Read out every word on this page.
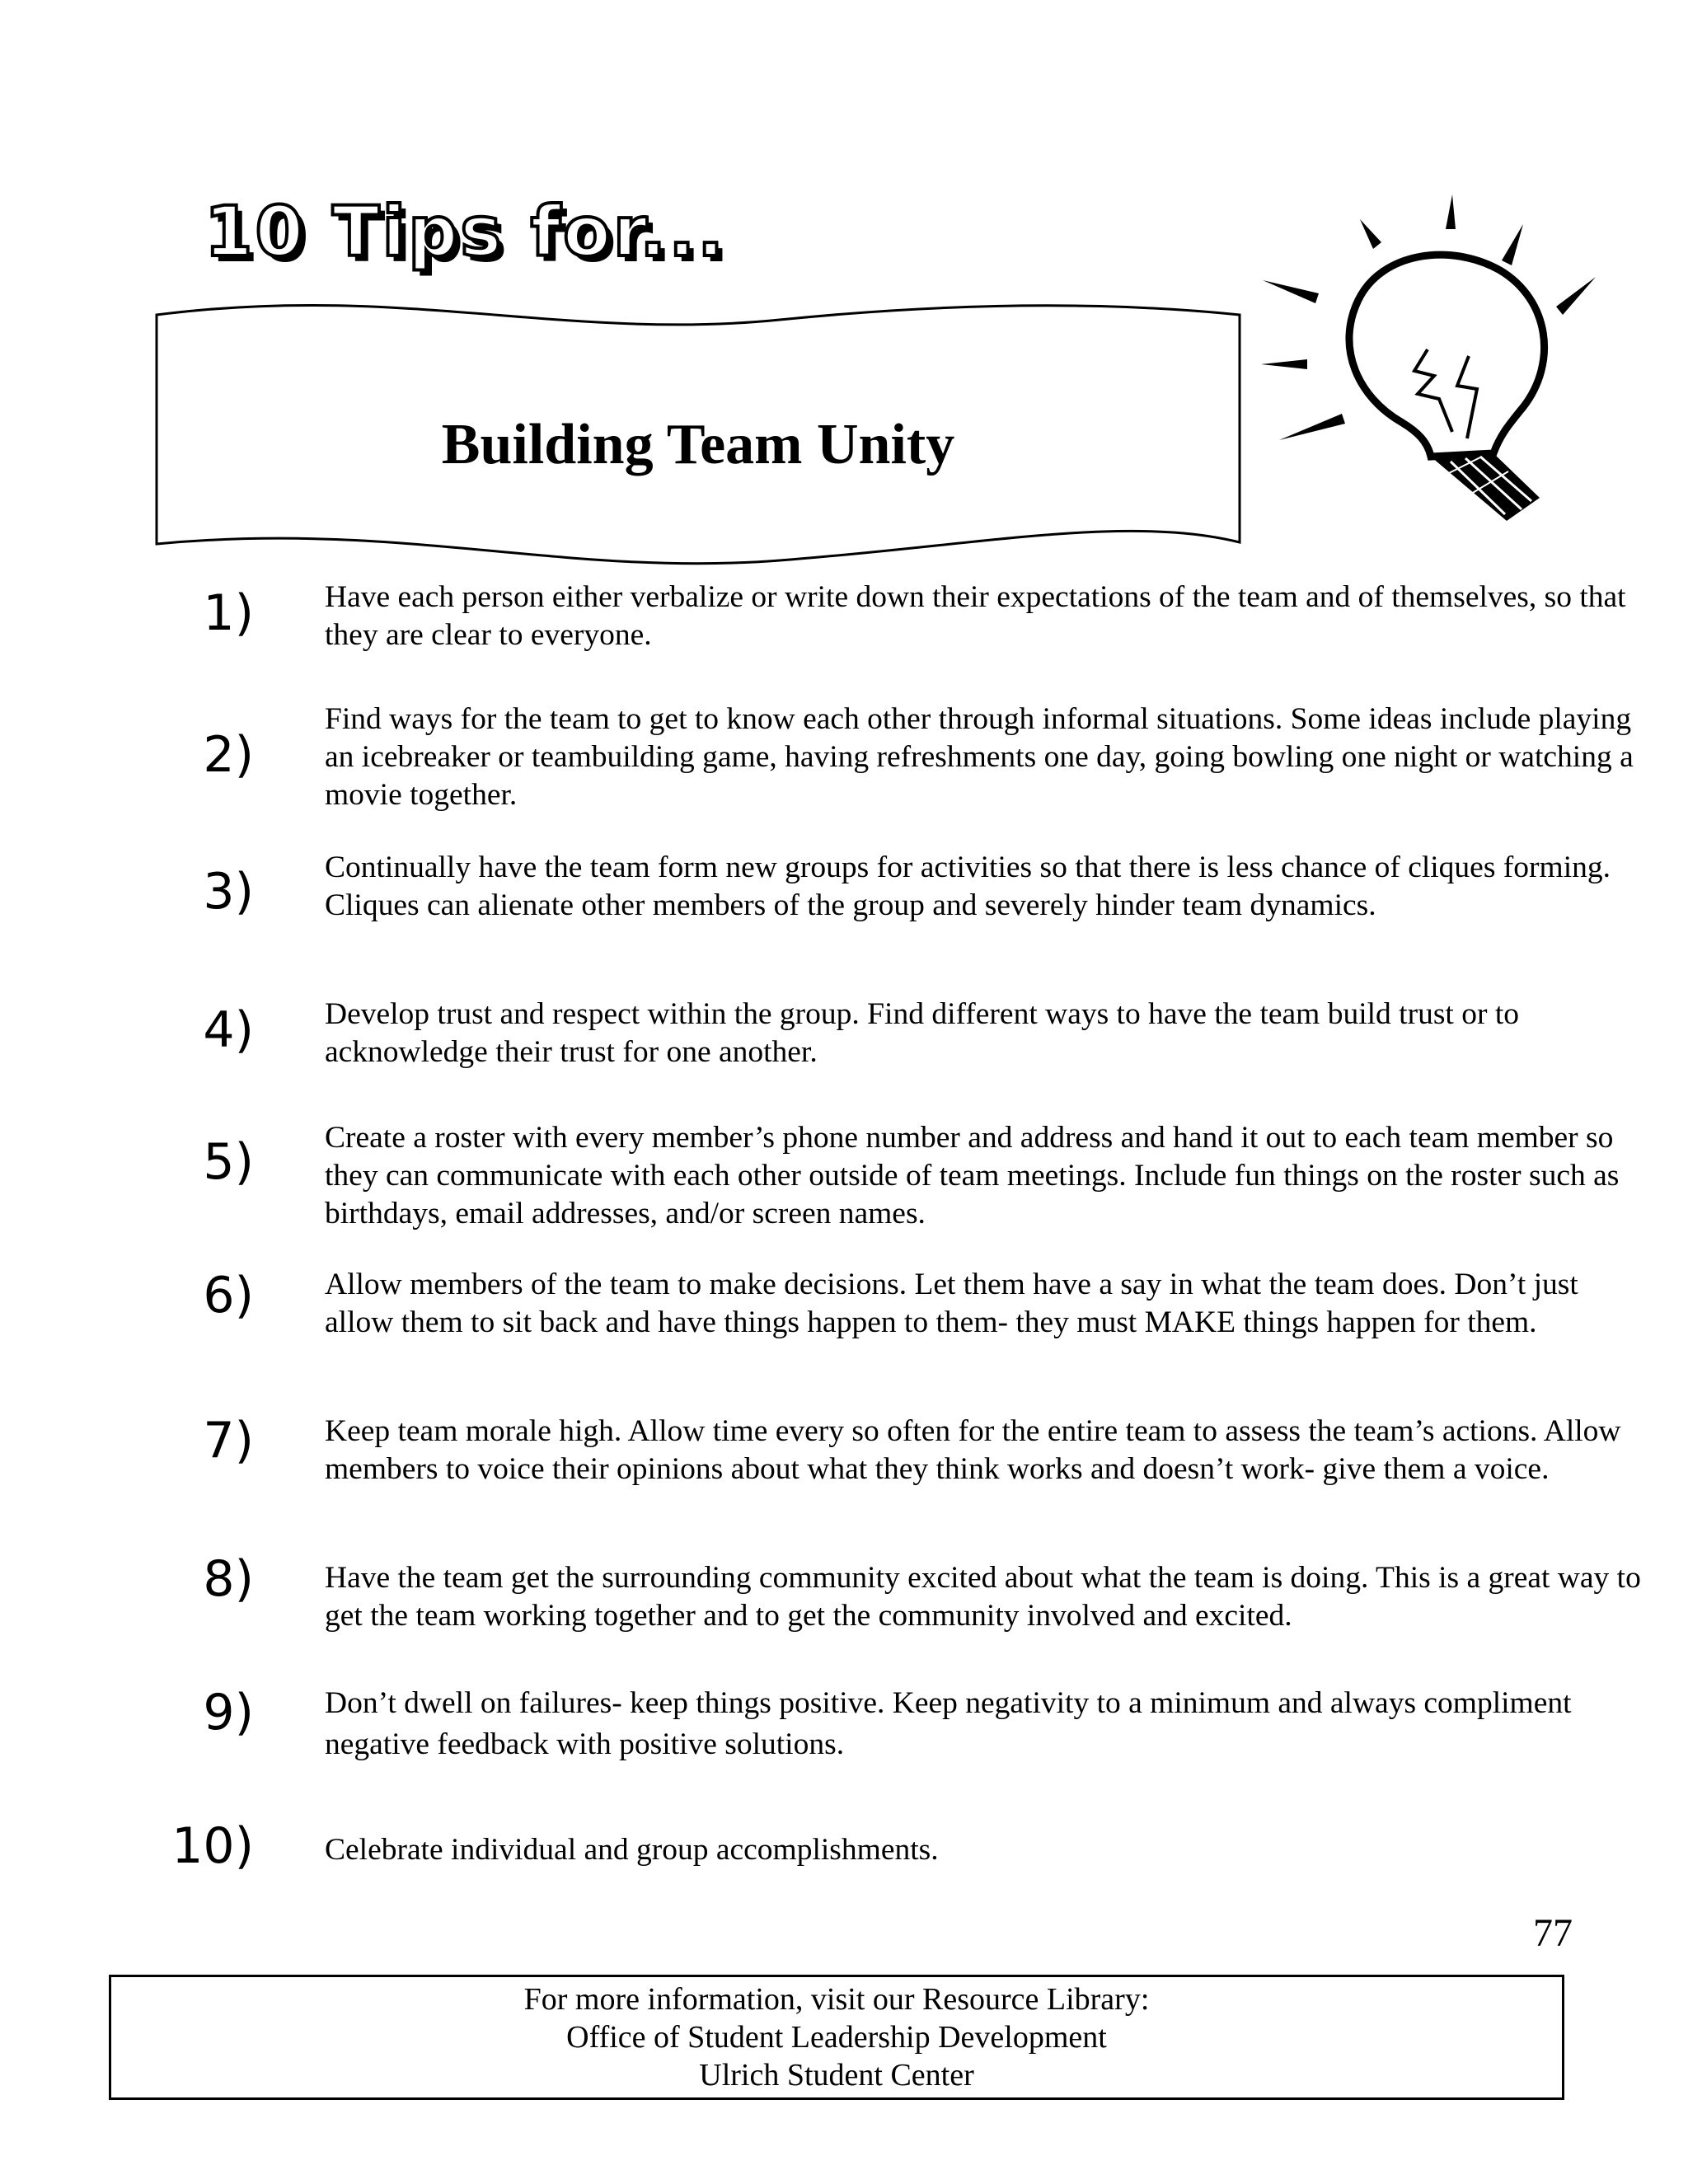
10 Tips for...
Building Team Unity
1) Have each person either verbalize or write down their expectations of the team and of themselves, so that they are clear to everyone.
2)
Find ways for the team to get to know each other through informal situations. Some ideas include playing an icebreaker or teambuilding game, having refreshments one day, going bowling one night or watching a movie together.
3) Continually have the team form new groups for activities so that there is less chance of cliques forming. Cliques can alienate other members of the group and severely hinder team dynamics.
4) Develop trust and respect within the group. Find different ways to have the team build trust or to acknowledge their trust for one another.
5) Create a roster with every member’s phone number and address and hand it out to each team member so they can communicate with each other outside of team meetings. Include fun things on the roster such as birthdays, email addresses, and/or screen names.
6) Allow members of the team to make decisions. Let them have a say in what the team does. Don’t just allow them to sit back and have things happen to them- they must MAKE things happen for them.
7) Keep team morale high. Allow time every so often for the entire team to assess the team’s actions. Allow members to voice their opinions about what they think works and doesn’t work- give them a voice.
8) Have the team get the surrounding community excited about what the team is doing. This is a great way to get the team working together and to get the community involved and excited.
9) Don’t dwell on failures- keep things positive. Keep negativity to a minimum and always compliment negative feedback with positive solutions.
10) Celebrate individual and group accomplishments.
77
For more information, visit our Resource Library:
Office of Student Leadership Development
Ulrich Student Center
